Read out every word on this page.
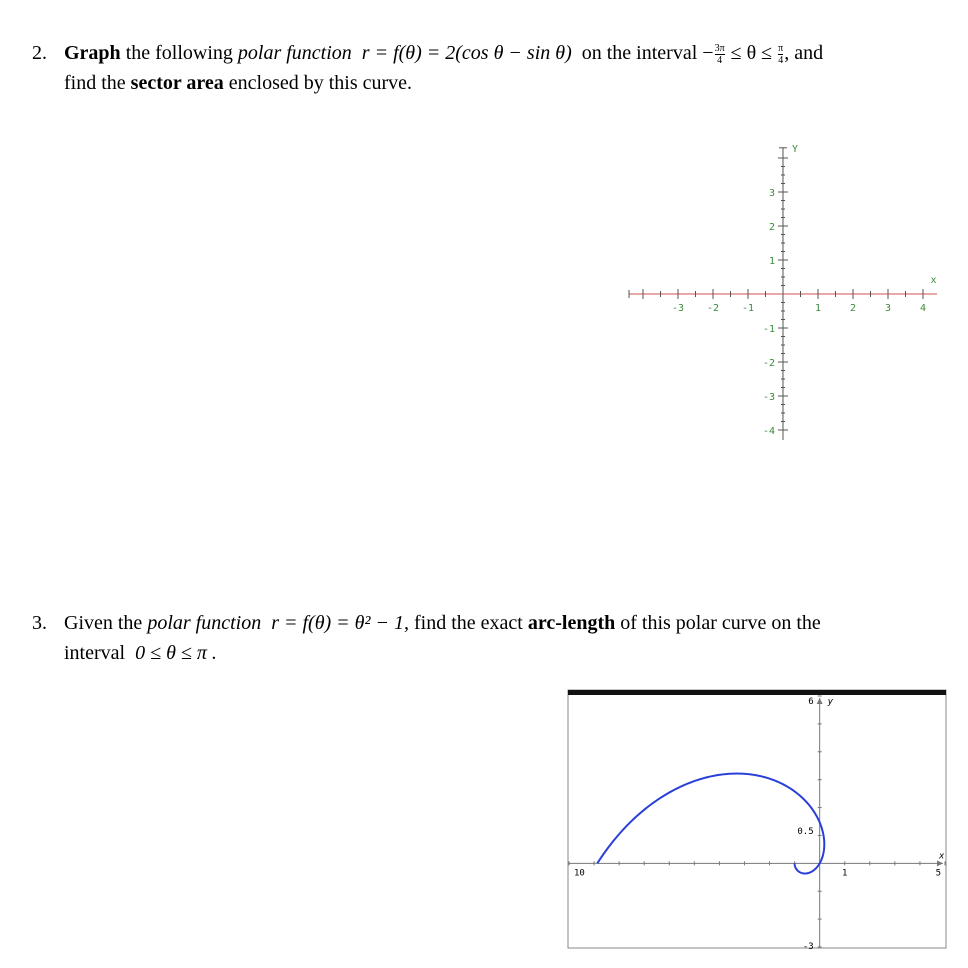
2. Graph the following polar function r = f(θ) = 2(cos θ − sin θ) on the interval − $\frac{3\pi}{4} \le \theta \le \frac{\pi}{4}$ , and
find the sector area enclosed by this curve.
-3 -2 -1	1	2	3	4
x
3
2
1
-1
-2
-3
-4
Y
3. Given the polar function r = f(θ) = θ² − 1, find the exact arc-length of this polar curve on the
interval 0 ≤ θ ≤ π .
10	1	5
6
0.5
-3
y
x
